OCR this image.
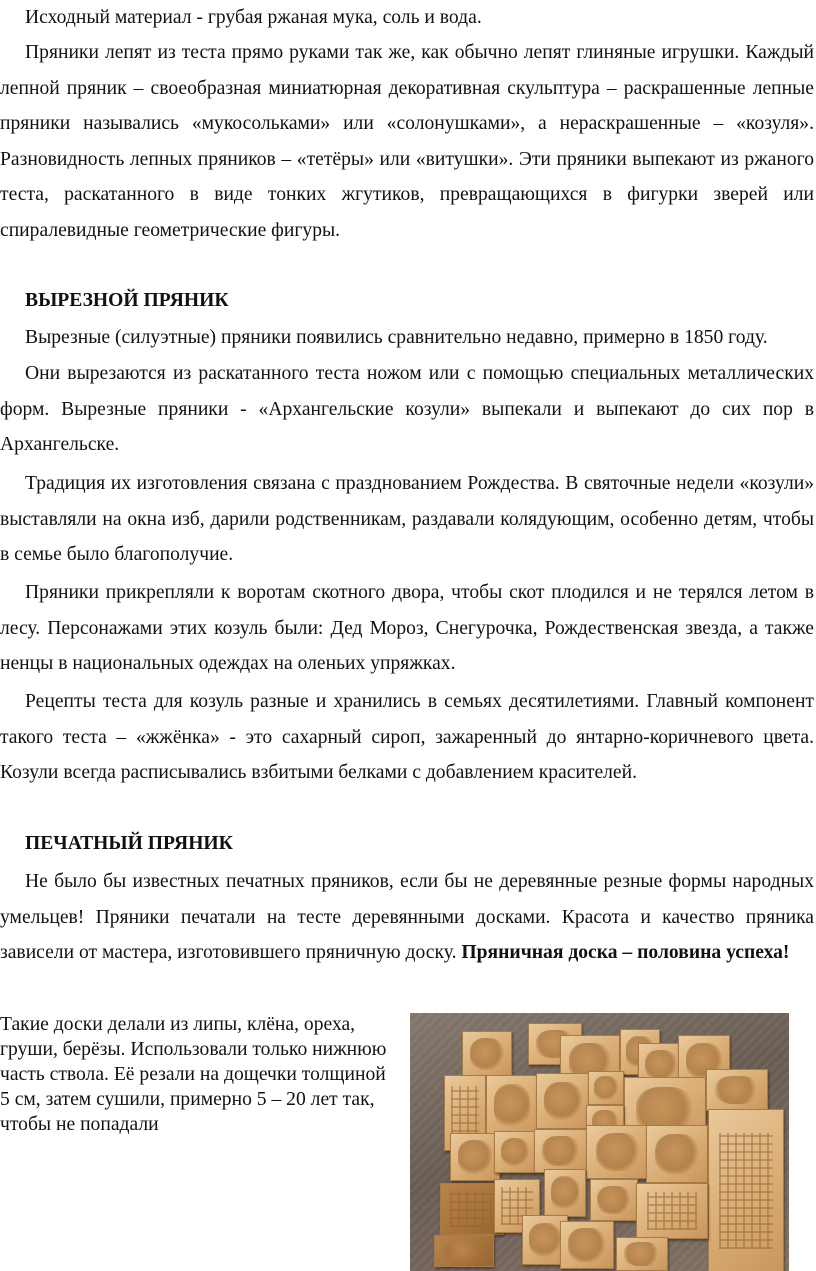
Исходный материал - грубая ржаная мука, соль и вода.

Пряники лепят из теста прямо руками так же, как обычно лепят глиняные игрушки. Каждый лепной пряник – своеобразная миниатюрная декоративная скульптура – раскрашенные лепные пряники назывались «мукосольками» или «солонушками», а нераскрашенные – «козуля». Разновидность лепных пряников – «тетёры» или «витушки». Эти пряники выпекают из ржаного теста, раскатанного в виде тонких жгутиков, превращающихся в фигурки зверей или спиралевидные геометрические фигуры.

ВЫРЕЗНОЙ ПРЯНИК

Вырезные (силуэтные) пряники появились сравнительно недавно, примерно в 1850 году.

Они вырезаются из раскатанного теста ножом или с помощью специальных металлических форм. Вырезные пряники - «Архангельские козули» выпекали и выпекают до сих пор в Архангельске.

Традиция их изготовления связана с празднованием Рождества. В святочные недели «козули» выставляли на окна изб, дарили родственникам, раздавали колядующим, особенно детям, чтобы в семье было благополучие.

Пряники прикрепляли к воротам скотного двора, чтобы скот плодился и не терялся летом в лесу. Персонажами этих козуль были: Дед Мороз, Снегурочка, Рождественская звезда, а также ненцы в национальных одеждах на оленьих упряжках.

Рецепты теста для козуль разные и хранились в семьях десятилетиями. Главный компонент такого теста – «жжёнка» - это сахарный сироп, зажаренный до янтарно-коричневого цвета. Козули всегда расписывались взбитыми белками с добавлением красителей.

ПЕЧАТНЫЙ ПРЯНИК

Не было бы известных печатных пряников, если бы не деревянные резные формы народных умельцев! Пряники печатали на тесте деревянными досками. Красота и качество пряника зависели от мастера, изготовившего пряничную доску. Пряничная доска – половина успеха!

Такие доски делали из липы, клёна, ореха, груши, берёзы. Использовали только нижнюю часть ствола. Её резали на дощечки толщиной 5 см, затем сушили, примерно 5 – 20 лет так, чтобы не попадали
